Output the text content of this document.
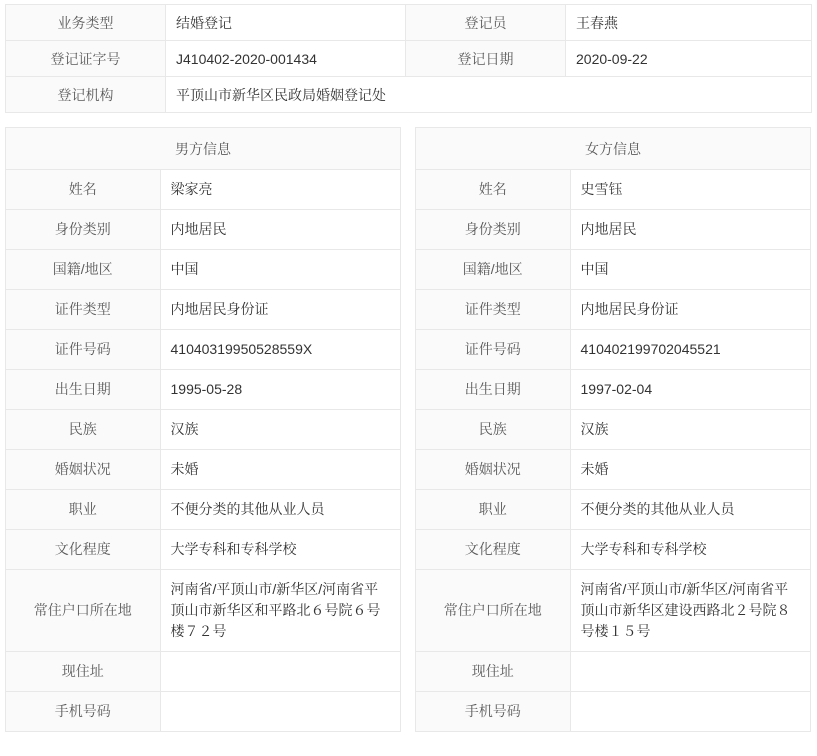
业务类型	结婚登记	登记员	王春燕
登记证字号	J410402-2020-001434	登记日期	2020-09-22
登记机构	平顶山市新华区民政局婚姻登记处		
男方信息
姓名	梁家亮
身份类别	内地居民
国籍/地区	中国
证件类型	内地居民身份证
证件号码	41040319950528559X
出生日期	1995-05-28
民族	汉族
婚姻状况	未婚
职业	不便分类的其他从业人员
文化程度	大学专科和专科学校
常住户口所在地	河南省/平顶山市/新华区/河南省平顶山市新华区和平路北６号院６号楼７２号
现住址	

手机号码	
女方信息
姓名	史雪钰
身份类别	内地居民
国籍/地区	中国
证件类型	内地居民身份证
证件号码	410402199702045521
出生日期	1997-02-04
民族	汉族
婚姻状况	未婚
职业	不便分类的其他从业人员
文化程度	大学专科和专科学校
常住户口所在地	河南省/平顶山市/新华区/河南省平顶山市新华区建设西路北２号院８号楼１５号
现住址	

手机号码	
